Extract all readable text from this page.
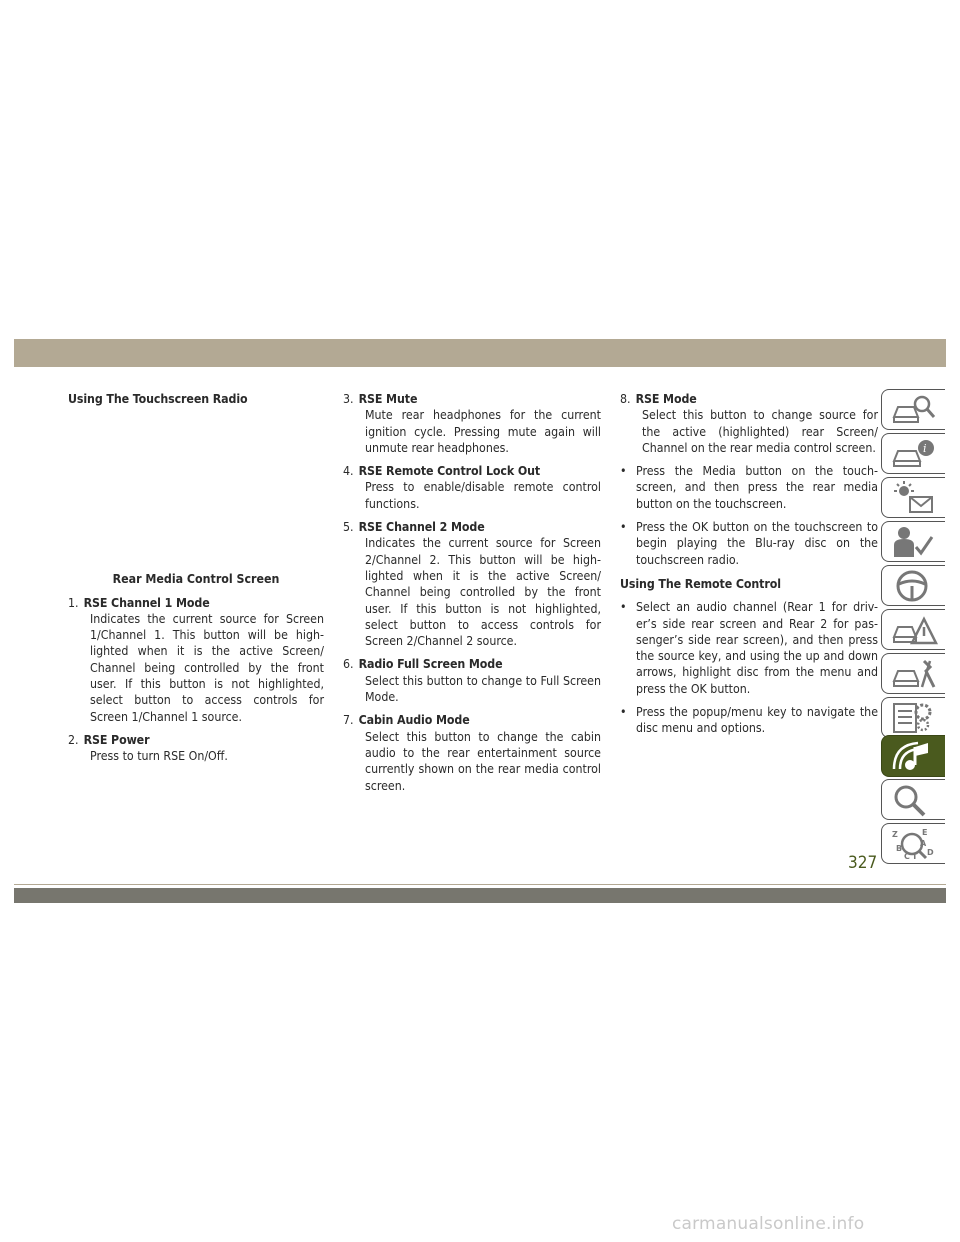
Using The Touchscreen Radio
Rear Media Control Screen
1. RSE Channel 1 Mode
Indicates the current source for Screen 1/Channel 1. This button will be high-lighted when it is the active Screen/ Channel being controlled by the front user. If this button is not highlighted, select button to access controls for Screen 1/Channel 1 source.
2. RSE Power
Press to turn RSE On/Off.
3. RSE Mute
Mute rear headphones for the current ignition cycle. Pressing mute again will unmute rear headphones.
4. RSE Remote Control Lock Out
Press to enable/disable remote control functions.
5. RSE Channel 2 Mode
Indicates the current source for Screen 2/Channel 2. This button will be high-lighted when it is the active Screen/ Channel being controlled by the front user. If this button is not highlighted, select button to access controls for Screen 2/Channel 2 source.
6. Radio Full Screen Mode
Select this button to change to Full Screen Mode.
7. Cabin Audio Mode
Select this button to change the cabin audio to the rear entertainment source currently shown on the rear media control screen.
8. RSE Mode
Select this button to change source for the active (highlighted) rear Screen/ Channel on the rear media control screen.
• Press the Media button on the touch-screen, and then press the rear media button on the touchscreen.
• Press the OK button on the touchscreen to begin playing the Blu-ray disc on the touchscreen radio.
Using The Remote Control
• Select an audio channel (Rear 1 for driv-er’s side rear screen and Rear 2 for pas-senger’s side rear screen), and then press the source key, and using the up and down arrows, highlight disc from the menu and press the OK button.
• Press the popup/menu key to navigate the disc menu and options.
i
Z	E
B
A
C D
T
327
carmanualsonline.info
